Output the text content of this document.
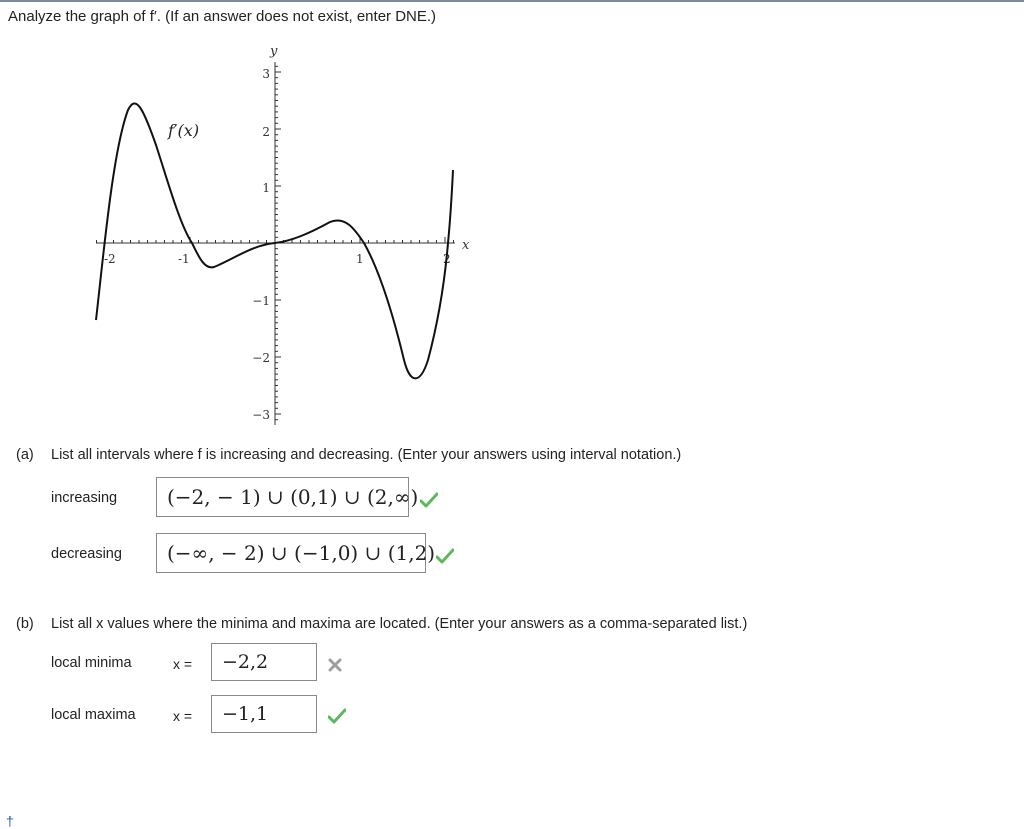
Analyze the graph of f′. (If an answer does not exist, enter DNE.)
x
y
-2	-1	1	2
3
2
1
−1
−2
−3
f′(x)
(a) List all intervals where f is increasing and decreasing. (Enter your answers using interval notation.)
increasing (−2, − 1) ∪ (0,1) ∪ (2,∞)
decreasing (−∞, − 2) ∪ (−1,0) ∪ (1,2)
(b) List all x values where the minima and maxima are located. (Enter your answers as a comma-separated list.)
local minima	x = −2,2
local maxima	x = −1,1
†
